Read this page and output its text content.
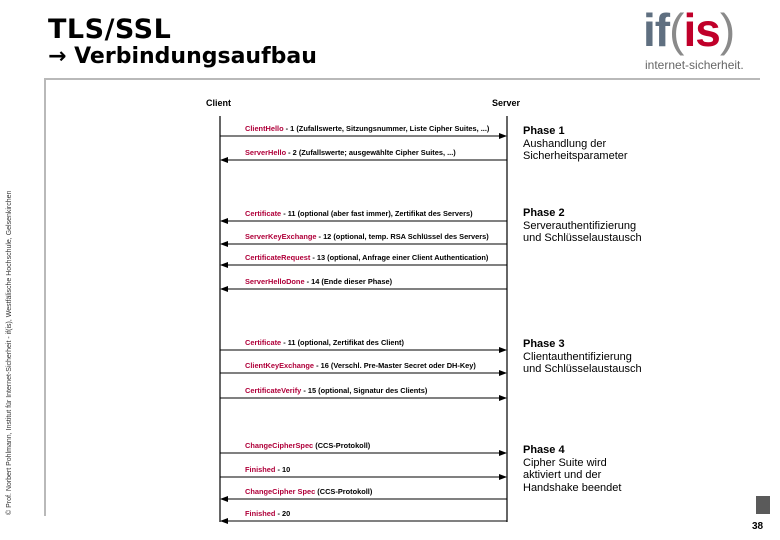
© Prof. Norbert Pohlmann, Institut für Internet-Sicherheit - if(is), Westfälische Hochschule, Gelsenkirchen
TLS/SSL
→ Verbindungsaufbau
if(is)
internet-sicherheit.
Client	Server
ClientHello - 1 (Zufallswerte, Sitzungsnummer, Liste Cipher Suites, ...)
ServerHello - 2 (Zufallswerte; ausgewählte Cipher Suites, ...)
Certificate - 11 (optional (aber fast immer), Zertifikat des Servers)
ServerKeyExchange - 12 (optional, temp. RSA Schlüssel des Servers)
CertificateRequest - 13 (optional, Anfrage einer Client Authentication)
ServerHelloDone - 14 (Ende dieser Phase)
Certificate - 11 (optional, Zertifikat des Client)
ClientKeyExchange - 16 (Verschl. Pre-Master Secret oder DH-Key)
CertificateVerify - 15 (optional, Signatur des Clients)
ChangeCipherSpec (CCS-Protokoll)
Finished - 10
ChangeCipher Spec (CCS-Protokoll)
Finished - 20
Phase 1
Aushandlung der
Sicherheitsparameter
Phase 2
Serverauthentifizierung
und Schlüsselaustausch
Phase 3
Clientauthentifizierung
und Schlüsselaustausch
Phase 4
Cipher Suite wird
aktiviert und der
Handshake beendet
38
